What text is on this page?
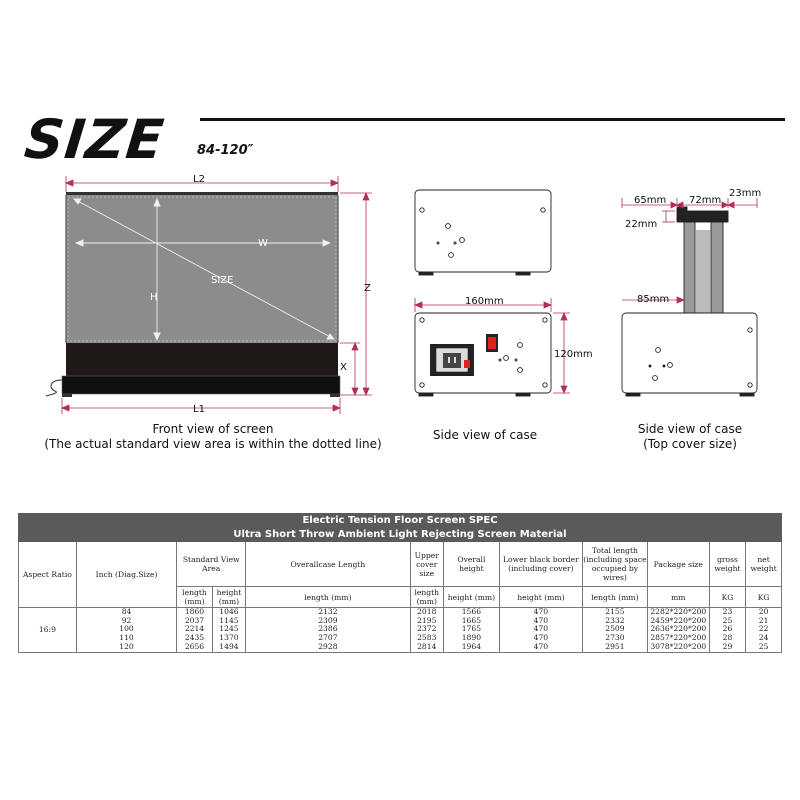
SIZE 84-120″
L2
W
H
SIZE
Z
X
L1
160mm
120mm
65mm 72mm
23mm
22mm
85mm
Front view of screen
(The actual standard view area is within the dotted line)
Side view of case	Side view of case
(Top cover size)
Electric Tension Floor Screen SPEC											
Ultra Short Throw Ambient Light Rejecting Screen Material											
Aspect Ratio	Inch (Diag.Size)	Standard View Area		Overallcase Length	Upper cover size	Overall height	Lower black border (including cover)	Total length (including space occupied by wires)	Package size	gross weight	net weight
		length (mm)	height (mm)	length (mm)	length (mm)	height (mm)	height (mm)	length (mm)	mm	KG	KG
16:9	84	1860	1046	2132	2018	1566	470	2155	2282*220*200	23	20
	92	2037	1145	2309	2195	1665	470	2332	2459*220*200	25	21
	100	2214	1245	2386	2372	1765	470	2509	2636*220*200	26	22
	110	2435	1370	2707	2583	1890	470	2730	2857*220*200	28	24
	120	2656	1494	2928	2814	1964	470	2951	3078*220*200	29	25
